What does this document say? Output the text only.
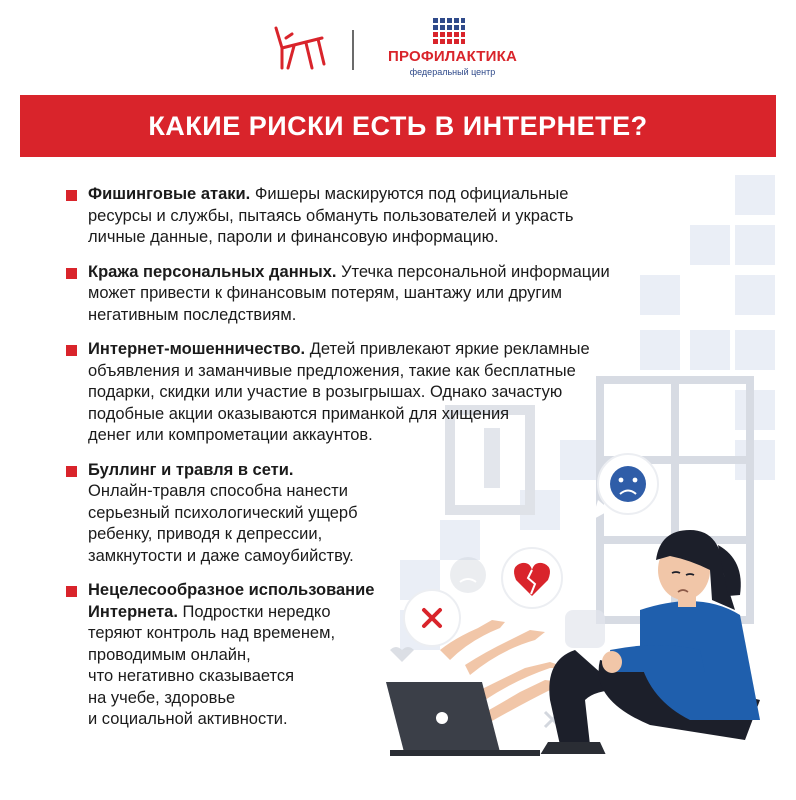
ПРОФИЛАКТИКА
федеральный центр
КАКИЕ РИСКИ ЕСТЬ В ИНТЕРНЕТЕ?
Фишинговые атаки. Фишеры маскируются под официальные
ресурсы и службы, пытаясь обмануть пользователей и украсть
личные данные, пароли и финансовую информацию.
Кража персональных данных. Утечка персональной информации
может привести к финансовым потерям, шантажу или другим
негативным последствиям.
Интернет-мошенничество. Детей привлекают яркие рекламные
объявления и заманчивые предложения, такие как бесплатные
подарки, скидки или участие в розыгрышах. Однако зачастую
подобные акции оказываются приманкой для хищения
денег или компрометации аккаунтов.
Буллинг и травля в сети.
Онлайн-травля способна нанести
серьезный психологический ущерб
ребенку, приводя к депрессии,
замкнутости и даже самоубийству.
Нецелесообразное использование
Интернета. Подростки нередко
теряют контроль над временем,
проводимым онлайн,
что негативно сказывается
на учебе, здоровье
и социальной активности.
